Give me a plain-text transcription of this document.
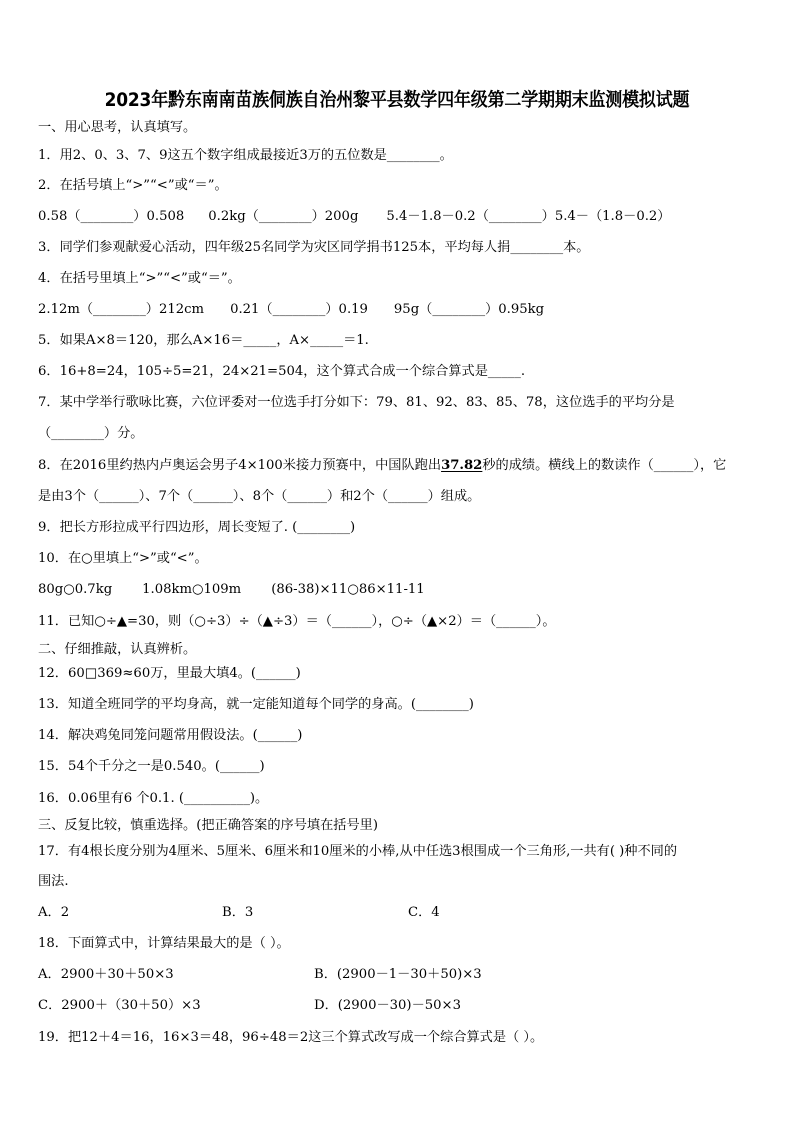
2023年黔东南南苗族侗族自治州黎平县数学四年级第二学期期末监测模拟试题
一、用心思考，认真填写。
1．用2、0、3、7、9这五个数字组成最接近3万的五位数是________。
2．在括号填上“>”“<”或“＝”。
0.58（________）0.508 0.2kg（________）200g 5.4－1.8－0.2（________）5.4－（1.8－0.2）
3．同学们参观献爱心活动，四年级25名同学为灾区同学捐书125本，平均每人捐________本。
4．在括号里填上“>”“<”或“＝”。
2.12m（________）212cm 0.21（________）0.19 95g（________）0.95kg
5．如果A×8＝120，那么A×16＝_____，A×_____＝1.
6．16+8=24，105÷5=21，24×21=504，这个算式合成一个综合算式是_____.
7．某中学举行歌咏比赛，六位评委对一位选手打分如下：79、81、92、83、85、78，这位选手的平均分是
（________）分。
8．在2016里约热内卢奥运会男子4×100米接力预赛中，中国队跑出37.82秒的成绩。横线上的数读作（______），它
是由3个（______）、7个（______）、8个（______）和2个（______）组成。
9．把长方形拉成平行四边形，周长变短了. (________)
10．在○里填上“>”或“<”。
80g○0.7kg 1.08km○109m (86-38)×11○86×11-11
11．已知○÷▲=30，则（○÷3）÷（▲÷3）＝（______），○÷（▲×2）＝（______）。
二、仔细推敲，认真辨析。
12．60□369≈60万，里最大填4。(______)
13．知道全班同学的平均身高，就一定能知道每个同学的身高。(________)
14．解决鸡兔同笼问题常用假设法。(______)
15．54个千分之一是0.540。(______)
16．0.06里有6 个0.1. (__________)。
三、反复比较，慎重选择。(把正确答案的序号填在括号里)
17．有4根长度分别为4厘米、5厘米、6厘米和10厘米的小棒,从中任选3根围成一个三角形,一共有( )种不同的
围法.
A．2	B．3	C．4
18．下面算式中，计算结果最大的是（ ）。
A．2900＋30＋50×3	B．(2900－1－30＋50)×3
C．2900＋（30＋50）×3	D．(2900－30)－50×3
19．把12＋4＝16，16×3＝48，96÷48＝2这三个算式改写成一个综合算式是（ ）。
